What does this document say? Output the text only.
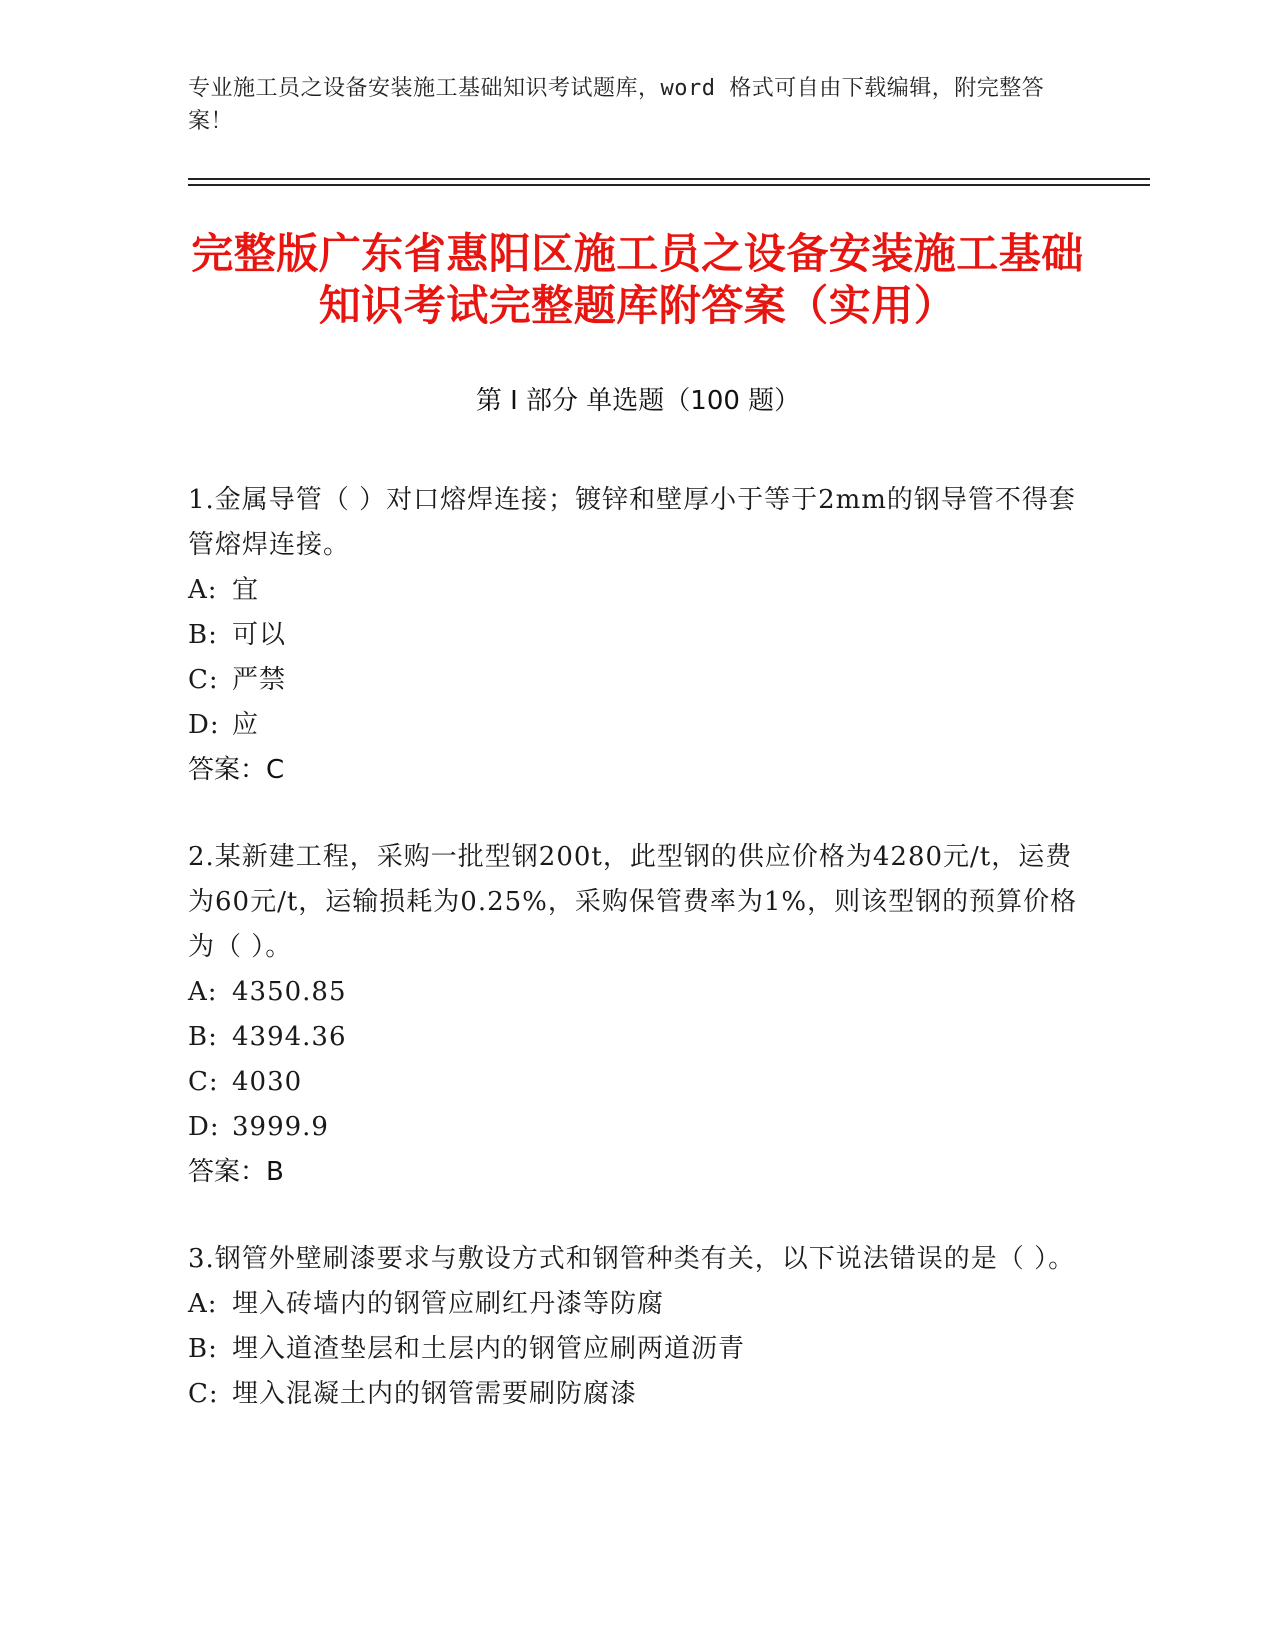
专业施工员之设备安装施工基础知识考试题库，word 格式可自由下载编辑，附完整答案！
完整版广东省惠阳区施工员之设备安装施工基础知识考试完整题库附答案（实用）
第 I 部分 单选题（100 题）

1.金属导管（ ）对口熔焊连接；镀锌和壁厚小于等于2mm的钢导管不得套管熔焊连接。

A: 宜
B: 可以
C: 严禁
D: 应
答案：C

2.某新建工程，采购一批型钢200t，此型钢的供应价格为4280元/t，运费为60元/t，运输损耗为0.25%，采购保管费率为1%，则该型钢的预算价格为（ ）。

A: 4350.85
B: 4394.36
C: 4030
D: 3999.9
答案：B

3.钢管外壁刷漆要求与敷设方式和钢管种类有关，以下说法错误的是（ ）。

A: 埋入砖墙内的钢管应刷红丹漆等防腐
B: 埋入道渣垫层和土层内的钢管应刷两道沥青
C: 埋入混凝土内的钢管需要刷防腐漆
